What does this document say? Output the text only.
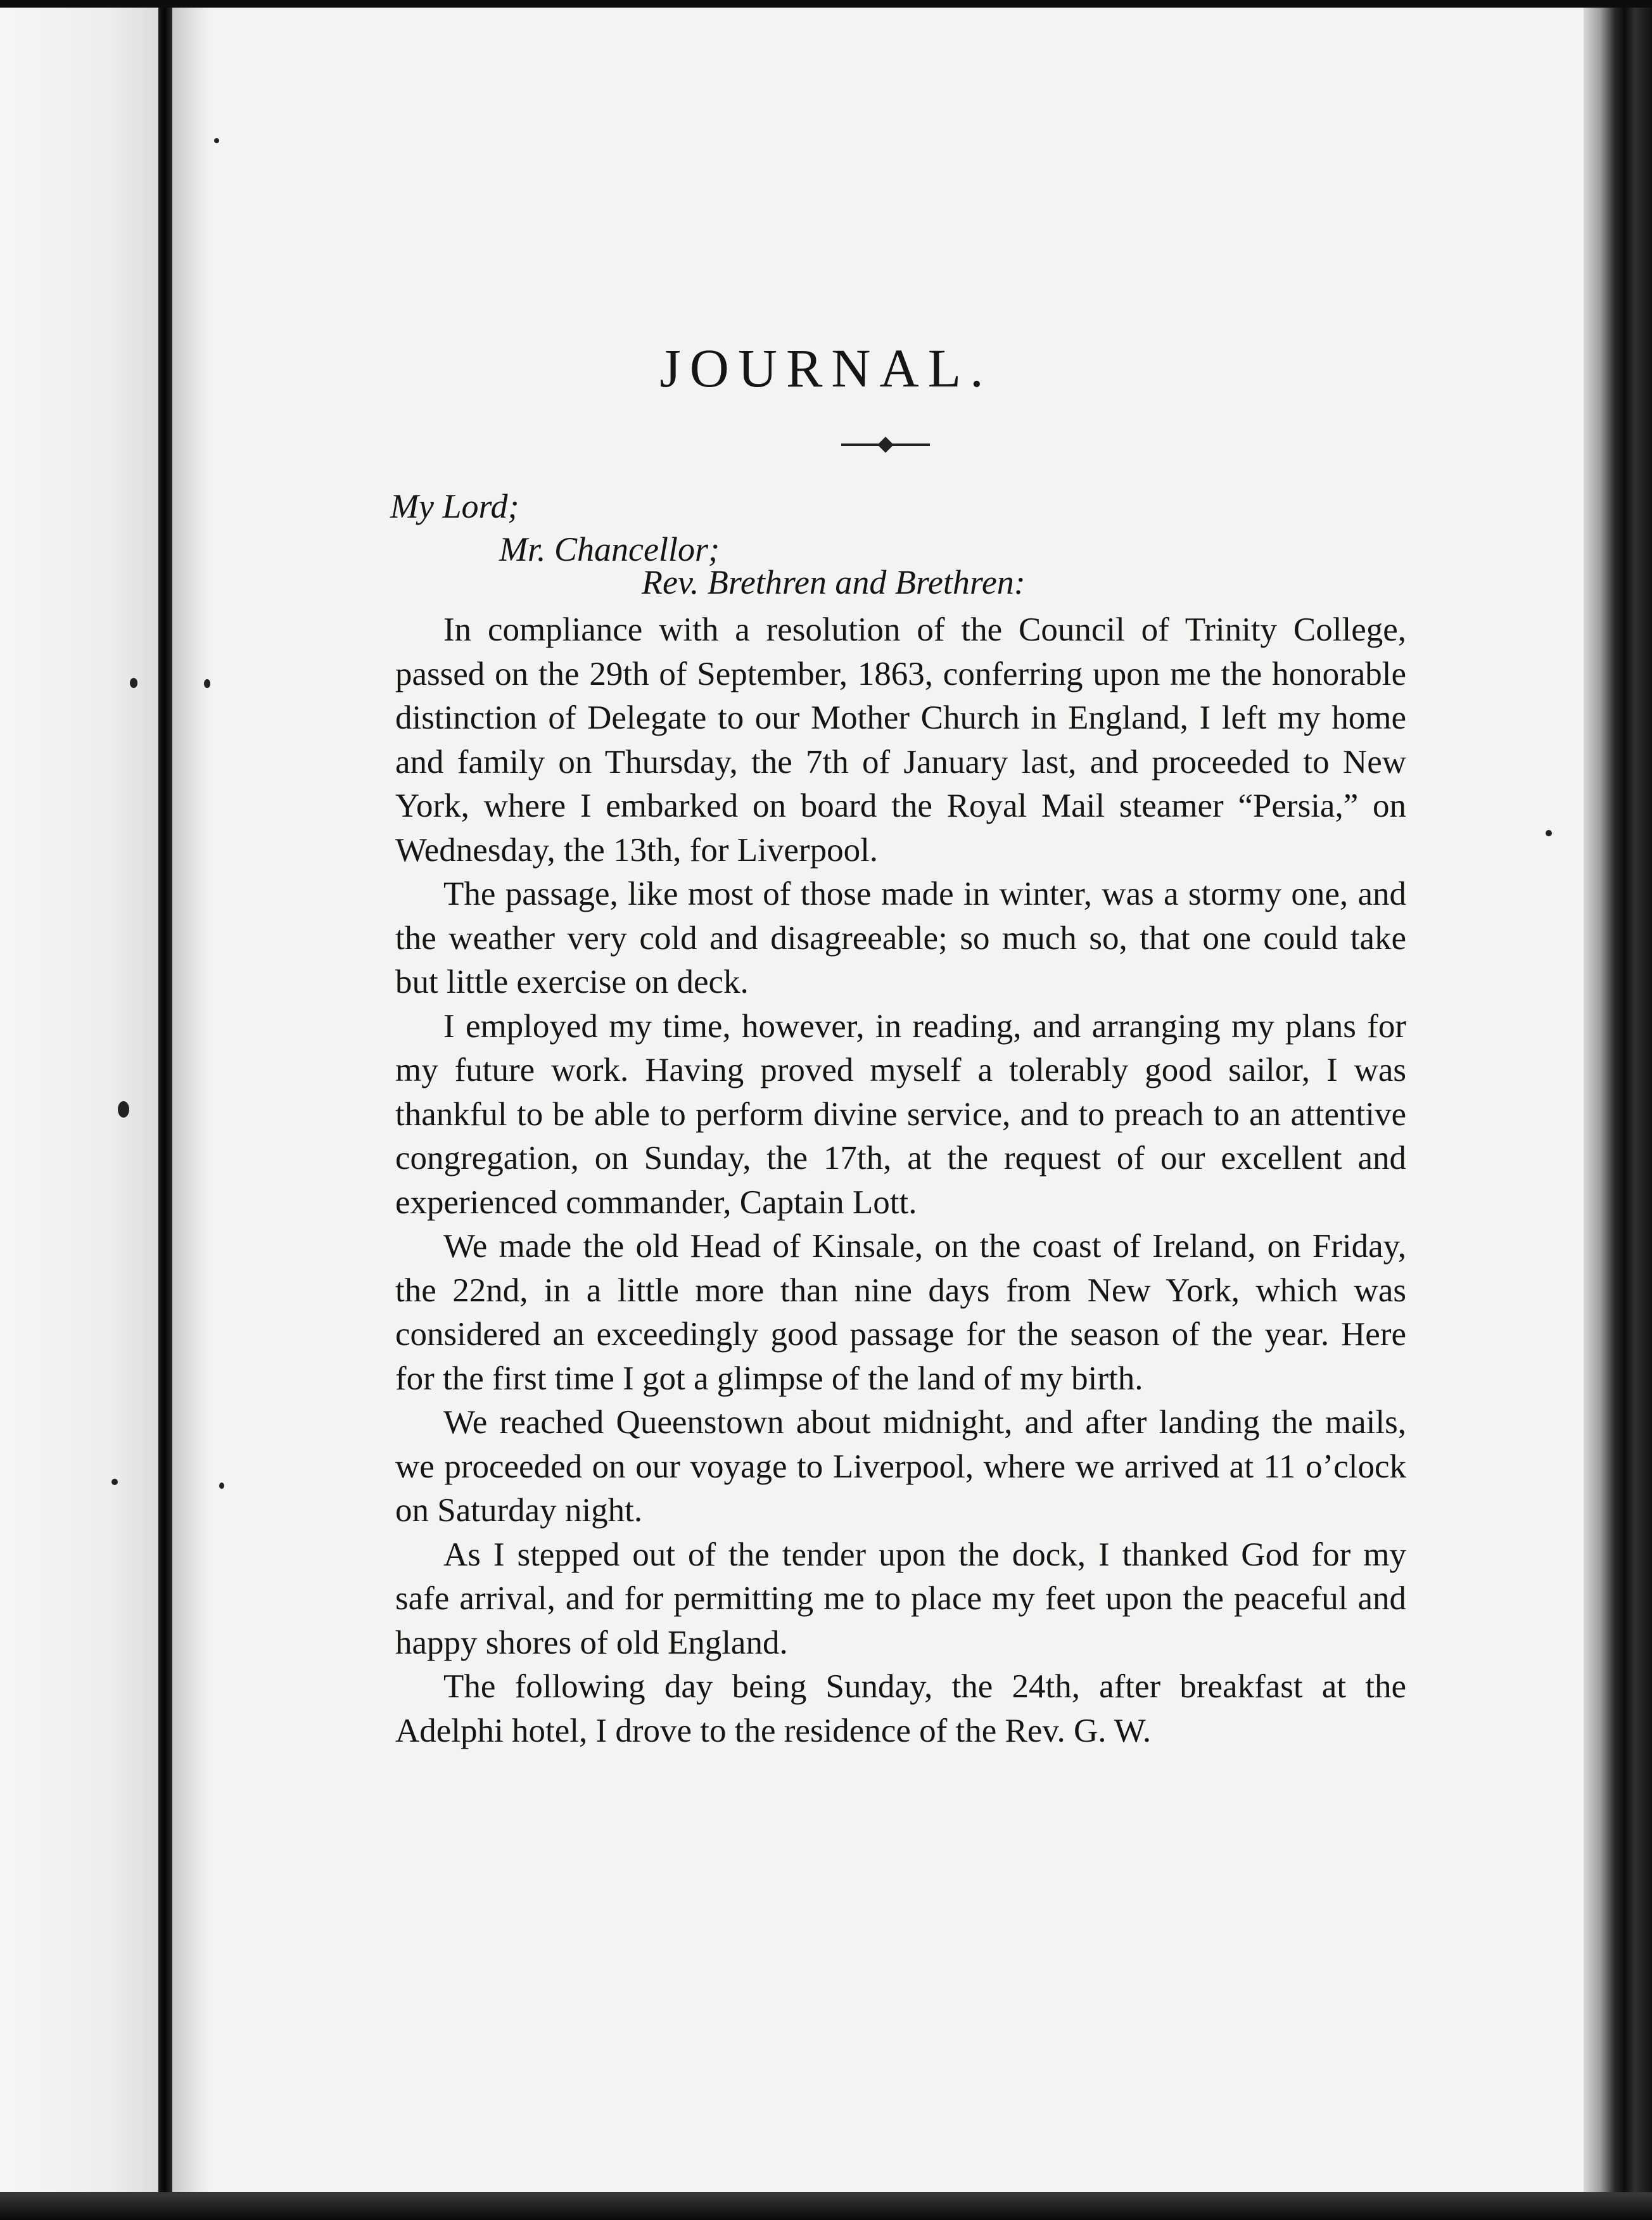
JOURNAL.
My Lord;
Mr. Chancellor;
Rev. Brethren and Brethren:

In compliance with a resolution of the Council of Trinity College, passed on the 29th of September, 1863, conferring upon me the honorable distinction of Delegate to our Mother Church in England, I left my home and family on Thursday, the 7th of January last, and proceeded to New York, where I embarked on board the Royal Mail steamer “Persia,” on Wednesday, the 13th, for Liverpool.

The passage, like most of those made in winter, was a stormy one, and the weather very cold and disagreeable; so much so, that one could take but little exercise on deck.

I employed my time, however, in reading, and arranging my plans for my future work. Having proved myself a tolerably good sailor, I was thankful to be able to perform divine service, and to preach to an attentive congregation, on Sunday, the 17th, at the request of our excellent and experienced commander, Captain Lott.

We made the old Head of Kinsale, on the coast of Ireland, on Friday, the 22nd, in a little more than nine days from New York, which was considered an exceedingly good passage for the season of the year. Here for the first time I got a glimpse of the land of my birth.

We reached Queenstown about midnight, and after landing the mails, we proceeded on our voyage to Liverpool, where we arrived at 11 o’clock on Saturday night.

As I stepped out of the tender upon the dock, I thanked God for my safe arrival, and for permitting me to place my feet upon the peaceful and happy shores of old England.

The following day being Sunday, the 24th, after breakfast at the Adelphi hotel, I drove to the residence of the Rev. G. W.
